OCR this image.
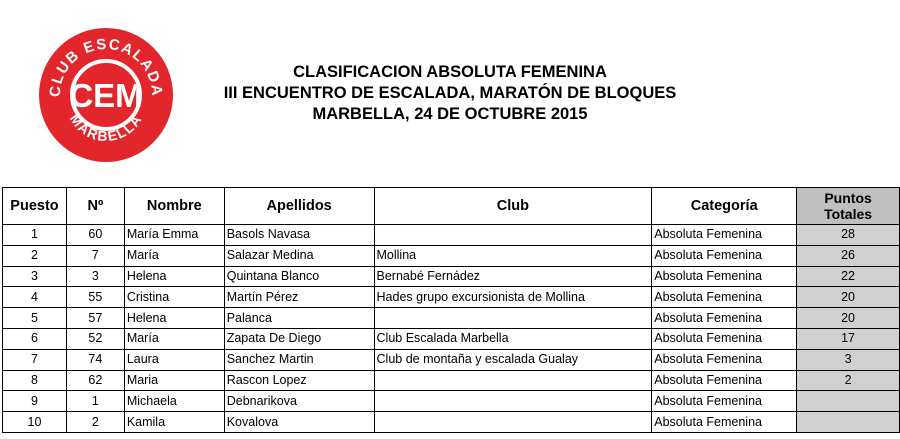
CLUB ESCALADA
MARBELLA
CEM
CLASIFICACION ABSOLUTA FEMENINA
III ENCUENTRO DE ESCALADA, MARATÓN DE BLOQUES
MARBELLA, 24 DE OCTUBRE 2015
Puesto	Nº	Nombre	Apellidos	Club	Categoría	Puntos
Totales
1	60	María Emma	Basols Navasa		Absoluta Femenina	28
2	7	María	Salazar Medina	Mollina	Absoluta Femenina	26
3	3	Helena	Quintana Blanco	Bernabé Fernádez	Absoluta Femenina	22
4	55	Cristina	Martín Pérez	Hades grupo excursionista de Mollina	Absoluta Femenina	20
5	57	Helena	Palanca		Absoluta Femenina	20
6	52	María	Zapata De Diego	Club Escalada Marbella	Absoluta Femenina	17
7	74	Laura	Sanchez Martin	Club de montaña y escalada Gualay	Absoluta Femenina	3
8	62	Maria	Rascon Lopez		Absoluta Femenina	2
9	1	Michaela	Debnarikova		Absoluta Femenina	
10	2	Kamila	Kovalova		Absoluta Femenina	
